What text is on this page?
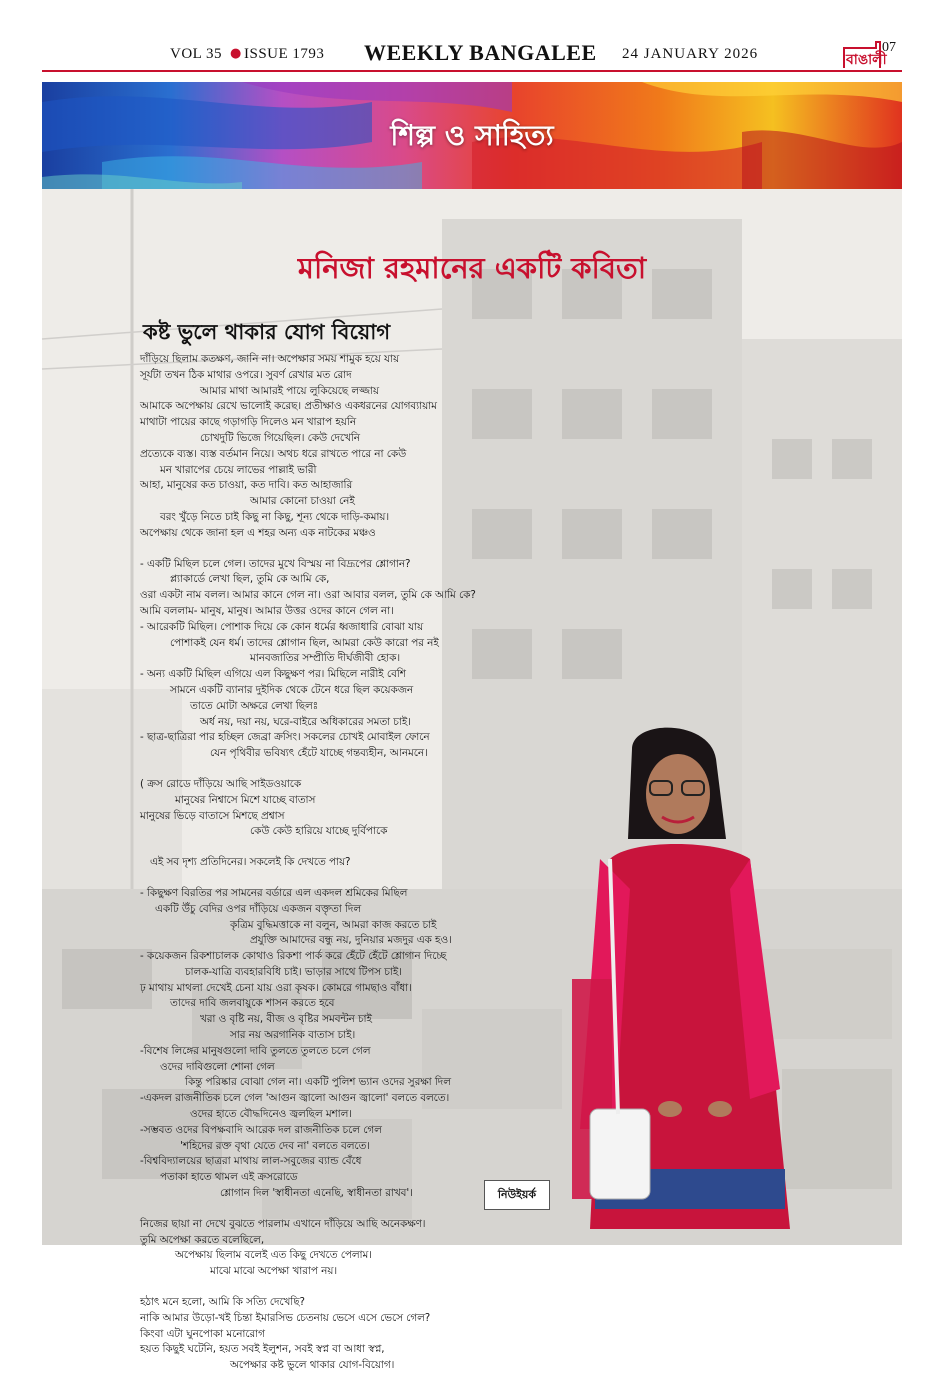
VOL 35 ● ISSUE 1793 WEEKLY BANGALEE 24 JANUARY 2026	বাঙালী
07
শিল্প ও সাহিত্য
মনিজা রহমানের একটি কবিতা
কষ্ট ভুলে থাকার যোগ বিয়োগ
দাঁড়িয়ে ছিলাম কতক্ষণ, জানি না। অপেক্ষার সময় শামুক হয়ে যায়
সূর্যটা তখন ঠিক মাথার ওপরে। সুবর্ণ রেখার মত রোদ
আমার মাথা আমারই পায়ে লুকিয়েছে লজ্জায়
আমাকে অপেক্ষায় রেখে ভালোই করেছ। প্রতীক্ষাও একধরনের যোগব্যায়াম
মাথাটা পায়ের কাছে গড়াগড়ি দিলেও মন খারাপ হয়নি
চোখদুটি ভিজে গিয়েছিল। কেউ দেখেনি
প্রত্যেকে ব্যস্ত। ব্যস্ত বর্তমান নিয়ে। অথচ ধরে রাখতে পারে না কেউ
মন খারাপের চেয়ে লাভের পাল্লাই ভারী
আহা, মানুষের কত চাওয়া, কত দাবি। কত আহাজারি
আমার কোনো চাওয়া নেই
বরং খুঁড়ে নিতে চাই কিছু না কিছু, শূন্য থেকে দাড়ি-কমায়।
অপেক্ষায় থেকে জানা হল এ শহর অন্য এক নাটকের মঞ্চও
- একটি মিছিল চলে গেল। তাদের মুখে বিস্ময় না বিদ্রূপের শ্লোগান?
প্ল্যাকার্ডে লেখা ছিল, তুমি কে আমি কে,
ওরা একটা নাম বলল। আমার কানে গেল না। ওরা আবার বলল, তুমি কে আমি কে?
আমি বললাম- মানুষ, মানুষ। আমার উত্তর ওদের কানে গেল না।
- আরেকটি মিছিল। পোশাক দিয়ে কে কোন ধর্মের ধ্বজাধারি বোঝা যায়
পোশাকই যেন ধর্ম। তাদের শ্লোগান ছিল, আমরা কেউ কারো পর নই
মানবজাতির সম্প্রীতি দীর্ঘজীবী হোক।
- অন্য একটি মিছিল এগিয়ে এল কিছুক্ষণ পর। মিছিলে নারীই বেশি
সামনে একটি ব্যানার দুইদিক থেকে টেনে ধরে ছিল কয়েকজন
তাতে মোটা অক্ষরে লেখা ছিলঃ
অর্ধ নয়, দয়া নয়, ঘরে-বাইরে অধিকারের সমতা চাই।
- ছাত্র-ছাত্রিরা পার হচ্ছিল জেব্রা ক্রসিং। সকলের চোখই মোবাইল ফোনে
যেন পৃথিবীর ভবিষ্যৎ হেঁটে যাচ্ছে গন্তব্যহীন, আনমনে।
( ক্রস রোডে দাঁড়িয়ে আছি সাইডওয়াকে
মানুষের নিশ্বাসে মিশে যাচ্ছে বাতাস
মানুষের ভিড়ে বাতাসে মিশছে প্রশ্বাস
কেউ কেউ হারিয়ে যাচ্ছে দুর্বিপাকে
এই সব দৃশ্য প্রতিদিনের। সকলেই কি দেখতে পায়?
- কিছুক্ষণ বিরতির পর সামনের বর্ডারে এল একদল শ্রমিকের মিছিল
একটি উঁচু বেদির ওপর দাঁড়িয়ে একজন বক্তৃতা দিল
কৃত্রিম বুদ্ধিমত্তাকে না বলুন, আমরা কাজ করতে চাই
প্রযুক্তি আমাদের বন্ধু নয়, দুনিয়ার মজদুর এক হও।
- কয়েকজন রিকশাচালক কোথাও রিকশা পার্ক করে হেঁটে হেঁটে শ্লোগান দিচ্ছে
চালক-যাত্রি ব্যবহারবিধি চাই। ভাড়ার সাথে টিপস চাই।
ঢ় মাথায় মাথলা দেখেই চেনা যায় ওরা কৃষক। কোমরে গামছাও বাঁধা।
তাদের দাবি জলবায়ুকে শাসন করতে হবে
খরা ও বৃষ্টি নয়, বীজ ও বৃষ্টির সমবন্টন চাই
সার নয় অরগানিক বাতাস চাই।
-বিশেষ লিঙ্গের মানুষগুলো দাবি তুলতে তুলতে চলে গেল
ওদের দাবিগুলো শোনা গেল
কিন্তু পরিষ্কার বোঝা গেল না। একটি পুলিশ ভ্যান ওদের সুরক্ষা দিল
-একদল রাজনীতিক চলে গেল 'আগুন জ্বালো আগুন জ্বালো' বলতে বলতে।
ওদের হাতে বৌদ্ধদিনেও জ্বলছিল মশাল।
-সম্ভবত ওদের বিপক্ষবাদি আরেক দল রাজনীতিক চলে গেল
'শহিদের রক্ত বৃথা যেতে দেব না' বলতে বলতে।
-বিশ্ববিদ্যালয়ের ছাত্ররা মাথায় লাল-সবুজের ব্যান্ড বেঁধে
পতাকা হাতে থামল এই ক্রসরোডে
শ্লোগান দিল 'স্বাধীনতা এনেছি, স্বাধীনতা রাখব'।
নিজের ছায়া না দেখে বুঝতে পারলাম এখানে দাঁড়িয়ে আছি অনেকক্ষণ।
তুমি অপেক্ষা করতে বলেছিলে,
অপেক্ষায় ছিলাম বলেই এত কিছু দেখতে পেলাম।
মাঝে মাঝে অপেক্ষা খারাপ নয়।
হঠাৎ মনে হলো, আমি কি সত্যি দেখেছি?
নাকি আমার উড়ো-খই চিন্তা ইমারসিভ চেতনায় ভেসে এসে ভেসে গেল?
কিংবা এটা ঘুনপোকা মনোরোগ
হয়ত কিছুই ঘটেনি, হয়ত সবই ইলুশন, সবই স্বপ্ন বা আধা স্বপ্ন,
অপেক্ষার কষ্ট ভুলে থাকার যোগ-বিয়োগ।
নিউইয়র্ক
